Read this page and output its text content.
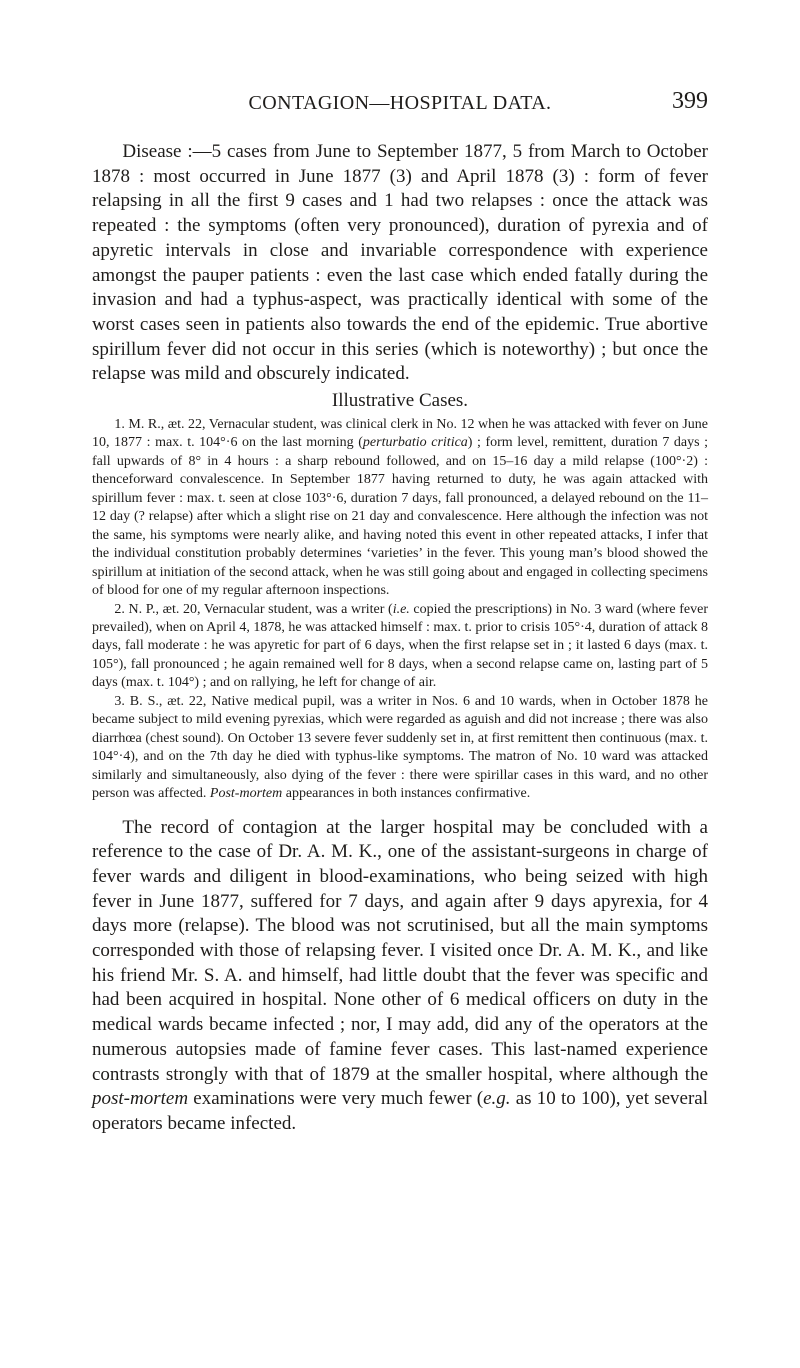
CONTAGION—HOSPITAL DATA.	399

Disease :—5 cases from June to September 1877, 5 from March to October 1878 : most occurred in June 1877 (3) and April 1878 (3) : form of fever relapsing in all the first 9 cases and 1 had two relapses : once the attack was repeated : the symptoms (often very pronounced), duration of pyrexia and of apyretic intervals in close and invariable correspondence with experience amongst the pauper patients : even the last case which ended fatally during the invasion and had a typhus-aspect, was practically identical with some of the worst cases seen in patients also towards the end of the epidemic. True abortive spirillum fever did not occur in this series (which is noteworthy) ; but once the relapse was mild and obscurely indicated.

Illustrative Cases.

1. M. R., æt. 22, Vernacular student, was clinical clerk in No. 12 when he was attacked with fever on June 10, 1877 : max. t. 104°·6 on the last morning (perturbatio critica) ; form level, remittent, duration 7 days ; fall upwards of 8° in 4 hours : a sharp rebound followed, and on 15–16 day a mild relapse (100°·2) : thenceforward convalescence. In September 1877 having returned to duty, he was again attacked with spirillum fever : max. t. seen at close 103°·6, duration 7 days, fall pronounced, a delayed rebound on the 11–12 day (? relapse) after which a slight rise on 21 day and convalescence. Here although the infection was not the same, his symptoms were nearly alike, and having noted this event in other repeated attacks, I infer that the individual constitution probably determines ‘varieties’ in the fever. This young man’s blood showed the spirillum at initiation of the second attack, when he was still going about and engaged in collecting specimens of blood for one of my regular afternoon inspections.

2. N. P., æt. 20, Vernacular student, was a writer (i.e. copied the prescriptions) in No. 3 ward (where fever prevailed), when on April 4, 1878, he was attacked himself : max. t. prior to crisis 105°·4, duration of attack 8 days, fall moderate : he was apyretic for part of 6 days, when the first relapse set in ; it lasted 6 days (max. t. 105°), fall pronounced ; he again remained well for 8 days, when a second relapse came on, lasting part of 5 days (max. t. 104°) ; and on rallying, he left for change of air.

3. B. S., æt. 22, Native medical pupil, was a writer in Nos. 6 and 10 wards, when in October 1878 he became subject to mild evening pyrexias, which were regarded as aguish and did not increase ; there was also diarrhœa (chest sound). On October 13 severe fever suddenly set in, at first remittent then continuous (max. t. 104°·4), and on the 7th day he died with typhus-like symptoms. The matron of No. 10 ward was attacked similarly and simultaneously, also dying of the fever : there were spirillar cases in this ward, and no other person was affected. Post-mortem appearances in both instances confirmative.

The record of contagion at the larger hospital may be concluded with a reference to the case of Dr. A. M. K., one of the assistant-surgeons in charge of fever wards and diligent in blood-examinations, who being seized with high fever in June 1877, suffered for 7 days, and again after 9 days apyrexia, for 4 days more (relapse). The blood was not scrutinised, but all the main symptoms corresponded with those of relapsing fever. I visited once Dr. A. M. K., and like his friend Mr. S. A. and himself, had little doubt that the fever was specific and had been acquired in hospital. None other of 6 medical officers on duty in the medical wards became infected ; nor, I may add, did any of the operators at the numerous autopsies made of famine fever cases. This last-named experience contrasts strongly with that of 1879 at the smaller hospital, where although the post-mortem examinations were very much fewer (e.g. as 10 to 100), yet several operators became infected.
